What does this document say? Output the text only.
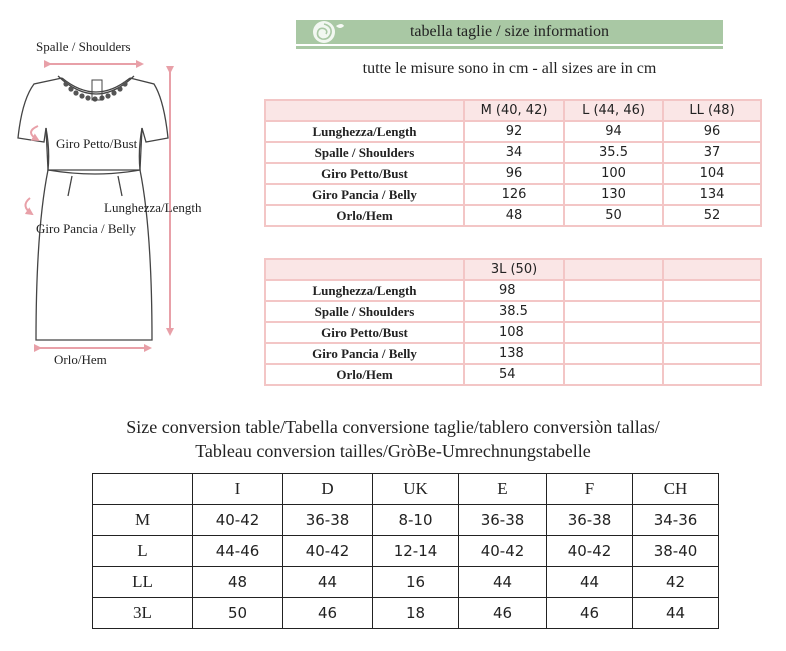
Spalle / Shoulders
Giro Petto/Bust
Lunghezza/Length
Giro Pancia / Belly
Orlo/Hem
tabella taglie / size information
tutte le misure sono in cm - all sizes are in cm
	M (40, 42)	L (44, 46)	LL (48)
Lunghezza/Length	92	94	96
Spalle / Shoulders	34	35.5	37
Giro Petto/Bust	96	100	104
Giro Pancia / Belly	126	130	134
Orlo/Hem	48	50	52
	3L (50)		
Lunghezza/Length	98		
Spalle / Shoulders	38.5		
Giro Petto/Bust	108		
Giro Pancia / Belly	138		
Orlo/Hem	54		
Size conversion table/Tabella conversione taglie/tablero conversiòn tallas/
Tableau conversion tailles/GròBe-Umrechnungstabelle
	I	D	UK	E	F	CH
M	40-42	36-38	8-10	36-38	36-38	34-36
L	44-46	40-42	12-14	40-42	40-42	38-40
LL	48	44	16	44	44	42
3L	50	46	18	46	46	44
